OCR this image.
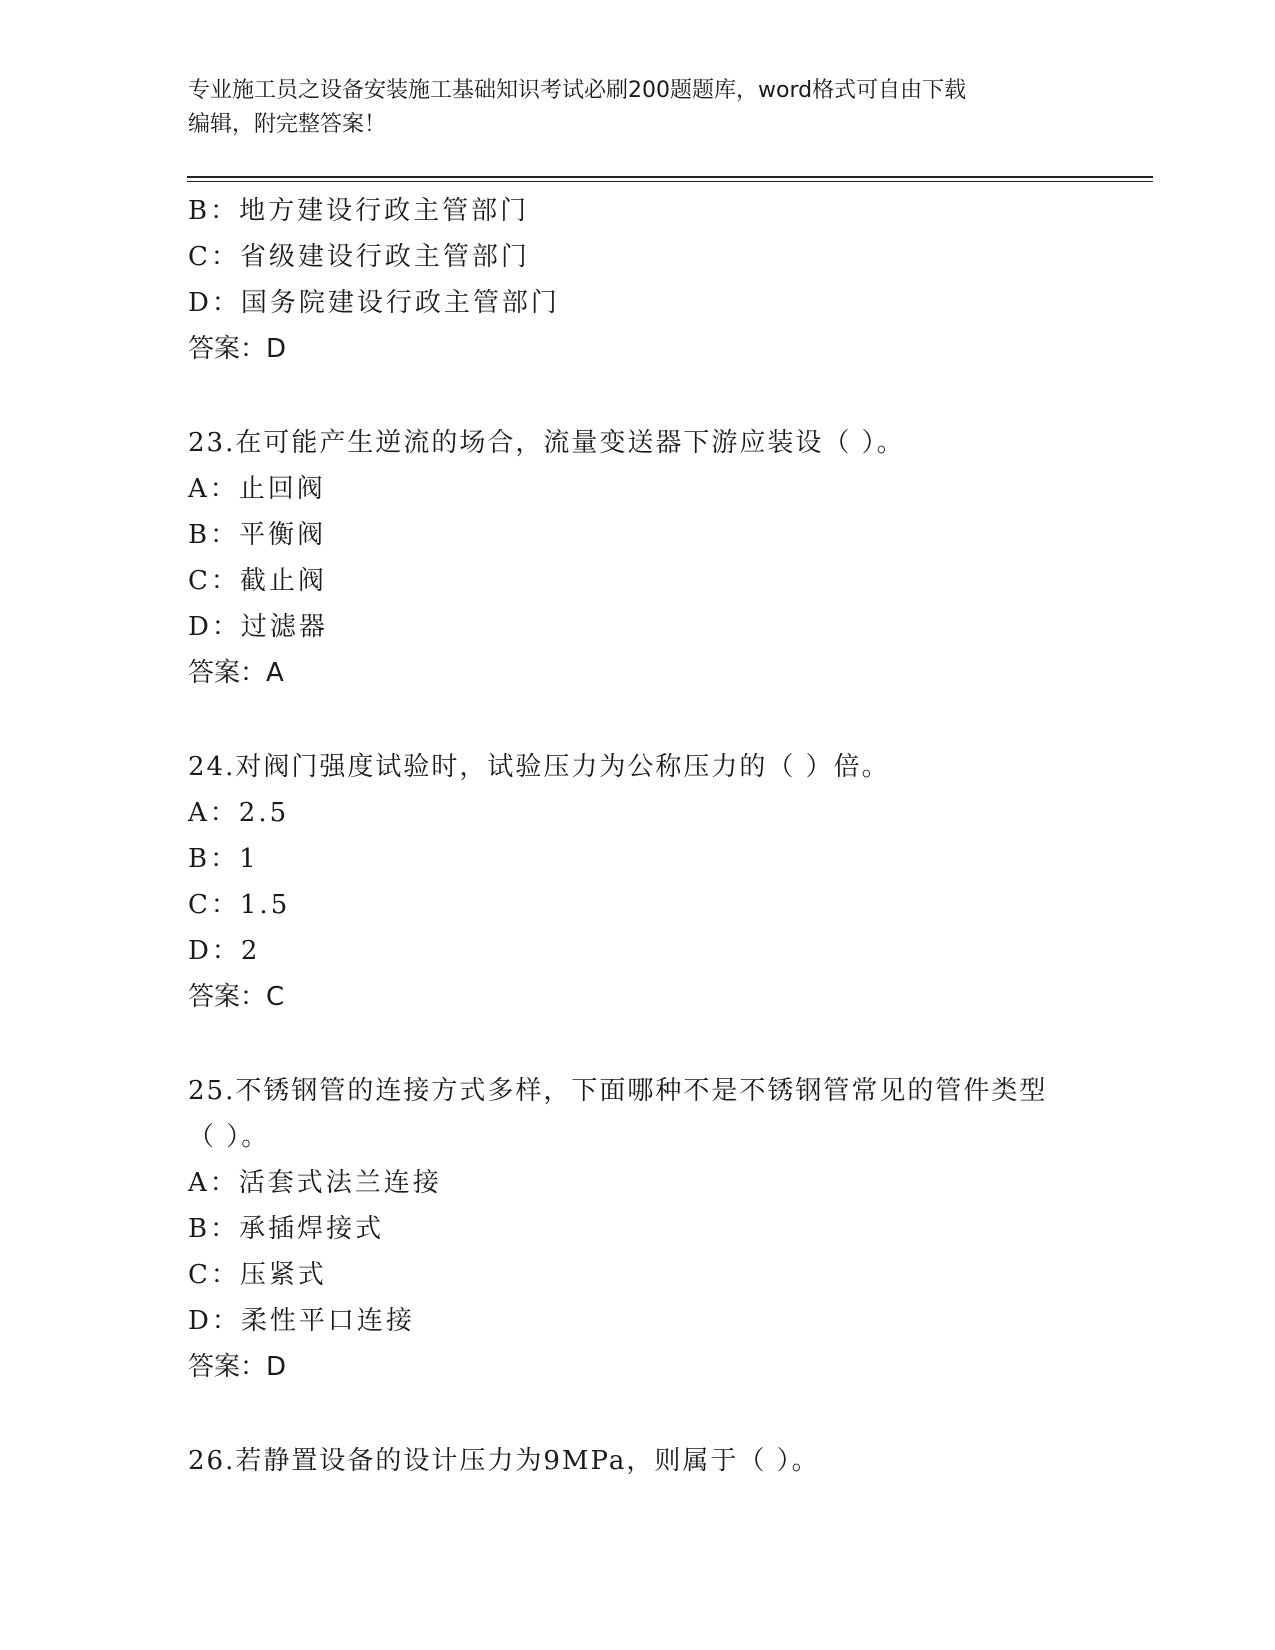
专业施工员之设备安装施工基础知识考试必刷200题题库，word格式可自由下载
编辑，附完整答案！
B：地方建设行政主管部门
C：省级建设行政主管部门
D：国务院建设行政主管部门
答案：D
23.在可能产生逆流的场合，流量变送器下游应装设（ ）。
A：止回阀
B：平衡阀
C：截止阀
D：过滤器
答案：A
24.对阀门强度试验时，试验压力为公称压力的（ ）倍。
A：2.5
B：1
C：1.5
D：2
答案：C
25.不锈钢管的连接方式多样，下面哪种不是不锈钢管常见的管件类型
（ ）。
A：活套式法兰连接
B：承插焊接式
C：压紧式
D：柔性平口连接
答案：D
26.若静置设备的设计压力为9MPa，则属于（ ）。
